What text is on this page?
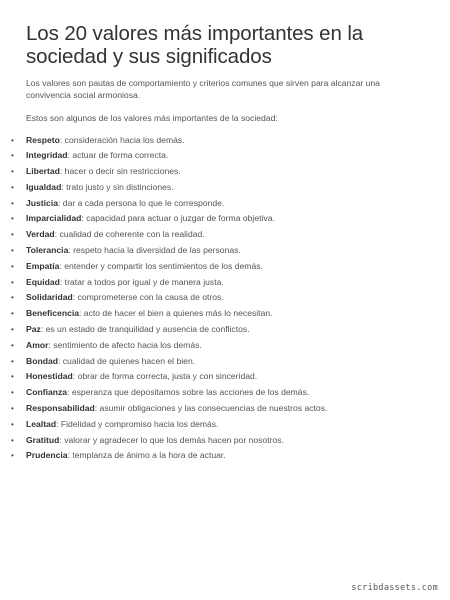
Los 20 valores más importantes en la sociedad y sus significados

Los valores son pautas de comportamiento y criterios comunes que sirven para alcanzar una convivencia social armoniosa.

Estos son algunos de los valores más importantes de la sociedad:

• Respeto: consideración hacia los demás.
• Integridad: actuar de forma correcta.
• Libertad: hacer o decir sin restricciones.
• Igualdad: trato justo y sin distinciones.
• Justicia: dar a cada persona lo que le corresponde.
• Imparcialidad: capacidad para actuar o juzgar de forma objetiva.
• Verdad: cualidad de coherente con la realidad.
• Tolerancia: respeto hacia la diversidad de las personas.
• Empatía: entender y compartir los sentimientos de los demás.
• Equidad: tratar a todos por igual y de manera justa.
• Solidaridad: comprometerse con la causa de otros.
• Beneficencia: acto de hacer el bien a quienes más lo necesitan.
• Paz: es un estado de tranquilidad y ausencia de conflictos.
• Amor: sentimiento de afecto hacia los demás.
• Bondad: cualidad de quienes hacen el bien.
• Honestidad: obrar de forma correcta, justa y con sinceridad.
• Confianza: esperanza que depositamos sobre las acciones de los demás.
• Responsabilidad: asumir obligaciones y las consecuencias de nuestros actos.
• Lealtad: Fidelidad y compromiso hacia los demás.
• Gratitud: valorar y agradecer lo que los demás hacen por nosotros.
• Prudencia: templanza de ánimo a la hora de actuar.
scribdassets.com
